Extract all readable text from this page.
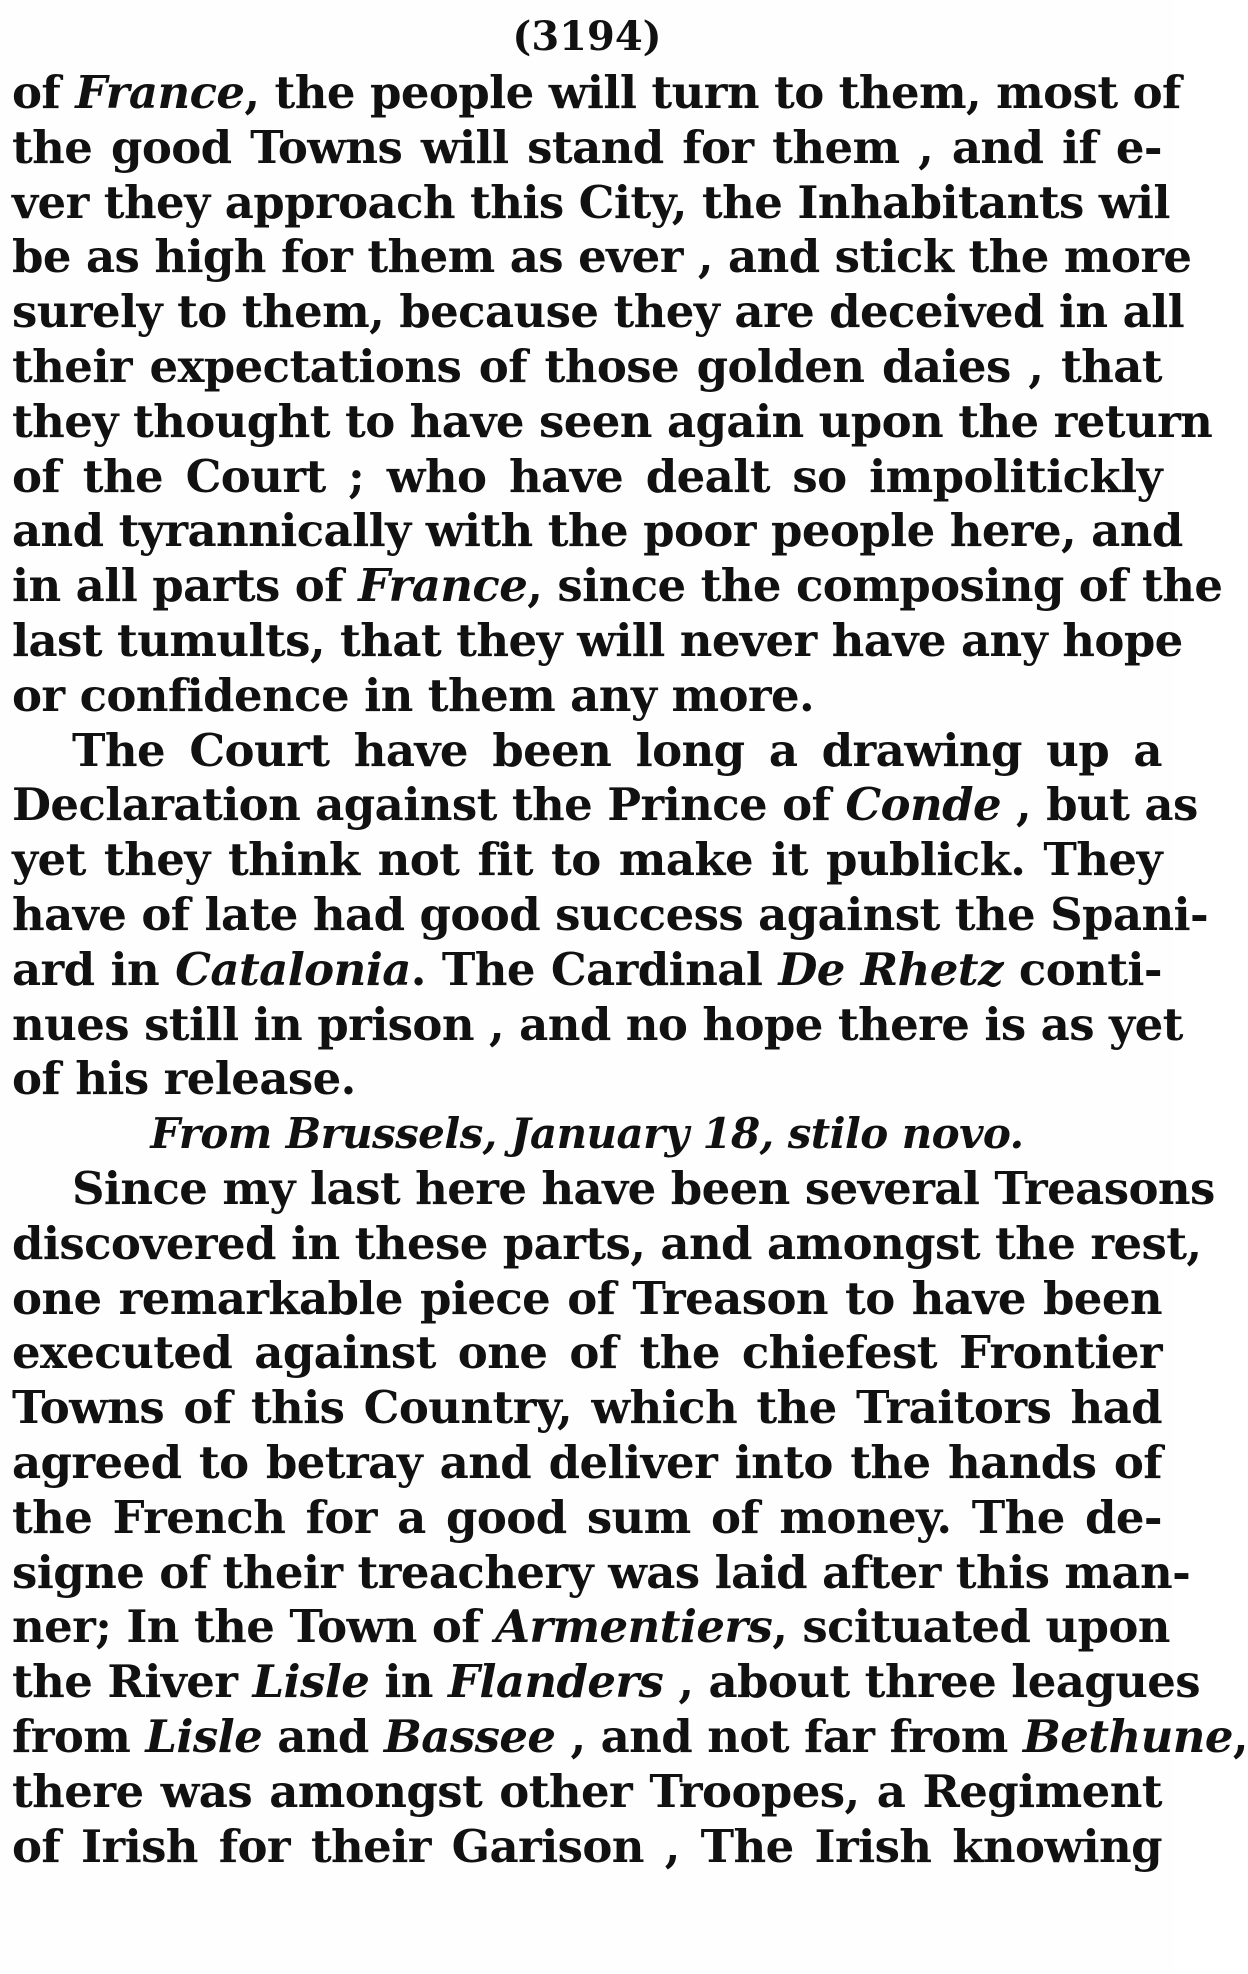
(3194)
of France, the people will turn to them, most of
the good Towns will stand for them , and if e-
ver they approach this City, the Inhabitants wil
be as high for them as ever , and stick the more
surely to them, because they are deceived in all
their expectations of those golden daies , that
they thought to have seen again upon the return
of the Court ; who have dealt so impolitickly
and tyrannically with the poor people here, and
in all parts of France, since the composing of the
last tumults, that they will never have any hope
or confidence in them any more.
The Court have been long a drawing up a
Declaration against the Prince of Conde , but as
yet they think not fit to make it publick. They
have of late had good success against the Spani-
ard in Catalonia. The Cardinal De Rhetz conti-
nues still in prison , and no hope there is as yet
of his release.
From Brussels, January 18, stilo novo.
Since my last here have been several Treasons
discovered in these parts, and amongst the rest,
one remarkable piece of Treason to have been
executed against one of the chiefest Frontier
Towns of this Country, which the Traitors had
agreed to betray and deliver into the hands of
the French for a good sum of money. The de-
signe of their treachery was laid after this man-
ner; In the Town of Armentiers, scituated upon
the River Lisle in Flanders , about three leagues
from Lisle and Bassee , and not far from Bethune,
there was amongst other Troopes, a Regiment
of Irish for their Garison , The Irish knowing
